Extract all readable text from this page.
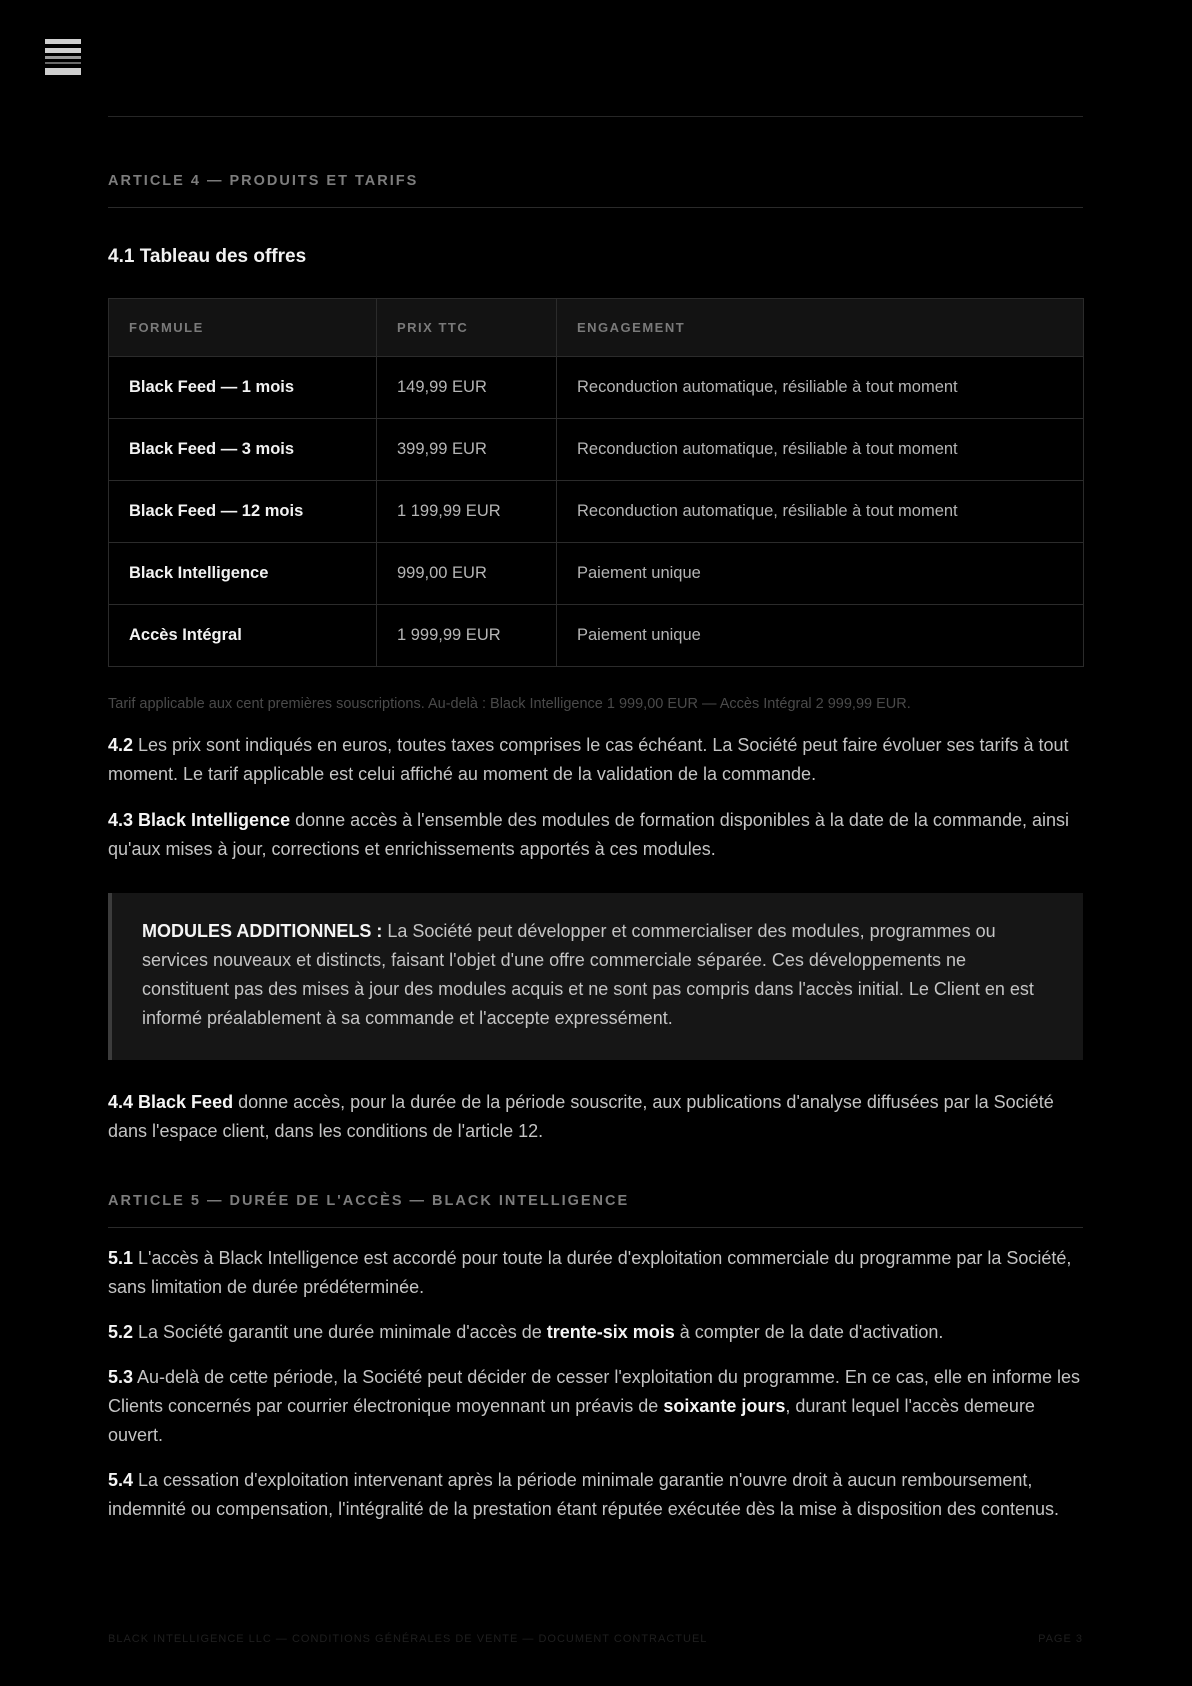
ARTICLE 4 — PRODUITS ET TARIFS
4.1 Tableau des offres
FORMULE	PRIX TTC	ENGAGEMENT
Black Feed — 1 mois	149,99 EUR	Reconduction automatique, résiliable à tout moment
Black Feed — 3 mois	399,99 EUR	Reconduction automatique, résiliable à tout moment
Black Feed — 12 mois	1 199,99 EUR	Reconduction automatique, résiliable à tout moment
Black Intelligence	999,00 EUR	Paiement unique
Accès Intégral	1 999,99 EUR	Paiement unique

Tarif applicable aux cent premières souscriptions. Au-delà : Black Intelligence 1 999,00 EUR — Accès Intégral 2 999,99 EUR.

4.2 Les prix sont indiqués en euros, toutes taxes comprises le cas échéant. La Société peut faire évoluer ses tarifs à tout moment. Le tarif applicable est celui affiché au moment de la validation de la commande.

4.3 Black Intelligence donne accès à l'ensemble des modules de formation disponibles à la date de la commande, ainsi qu'aux mises à jour, corrections et enrichissements apportés à ces modules.

MODULES ADDITIONNELS : La Société peut développer et commercialiser des modules, programmes ou services nouveaux et distincts, faisant l'objet d'une offre commerciale séparée. Ces développements ne constituent pas des mises à jour des modules acquis et ne sont pas compris dans l'accès initial. Le Client en est informé préalablement à sa commande et l'accepte expressément.

4.4 Black Feed donne accès, pour la durée de la période souscrite, aux publications d'analyse diffusées par la Société dans l'espace client, dans les conditions de l'article 12.

ARTICLE 5 — DURÉE DE L'ACCÈS — BLACK INTELLIGENCE

5.1 L'accès à Black Intelligence est accordé pour toute la durée d'exploitation commerciale du programme par la Société, sans limitation de durée prédéterminée.

5.2 La Société garantit une durée minimale d'accès de trente-six mois à compter de la date d'activation.

5.3 Au-delà de cette période, la Société peut décider de cesser l'exploitation du programme. En ce cas, elle en informe les Clients concernés par courrier électronique moyennant un préavis de soixante jours, durant lequel l'accès demeure ouvert.

5.4 La cessation d'exploitation intervenant après la période minimale garantie n'ouvre droit à aucun remboursement, indemnité ou compensation, l'intégralité de la prestation étant réputée exécutée dès la mise à disposition des contenus.

BLACK INTELLIGENCE LLC — CONDITIONS GÉNÉRALES DE VENTE — DOCUMENT CONTRACTUEL	PAGE 3
